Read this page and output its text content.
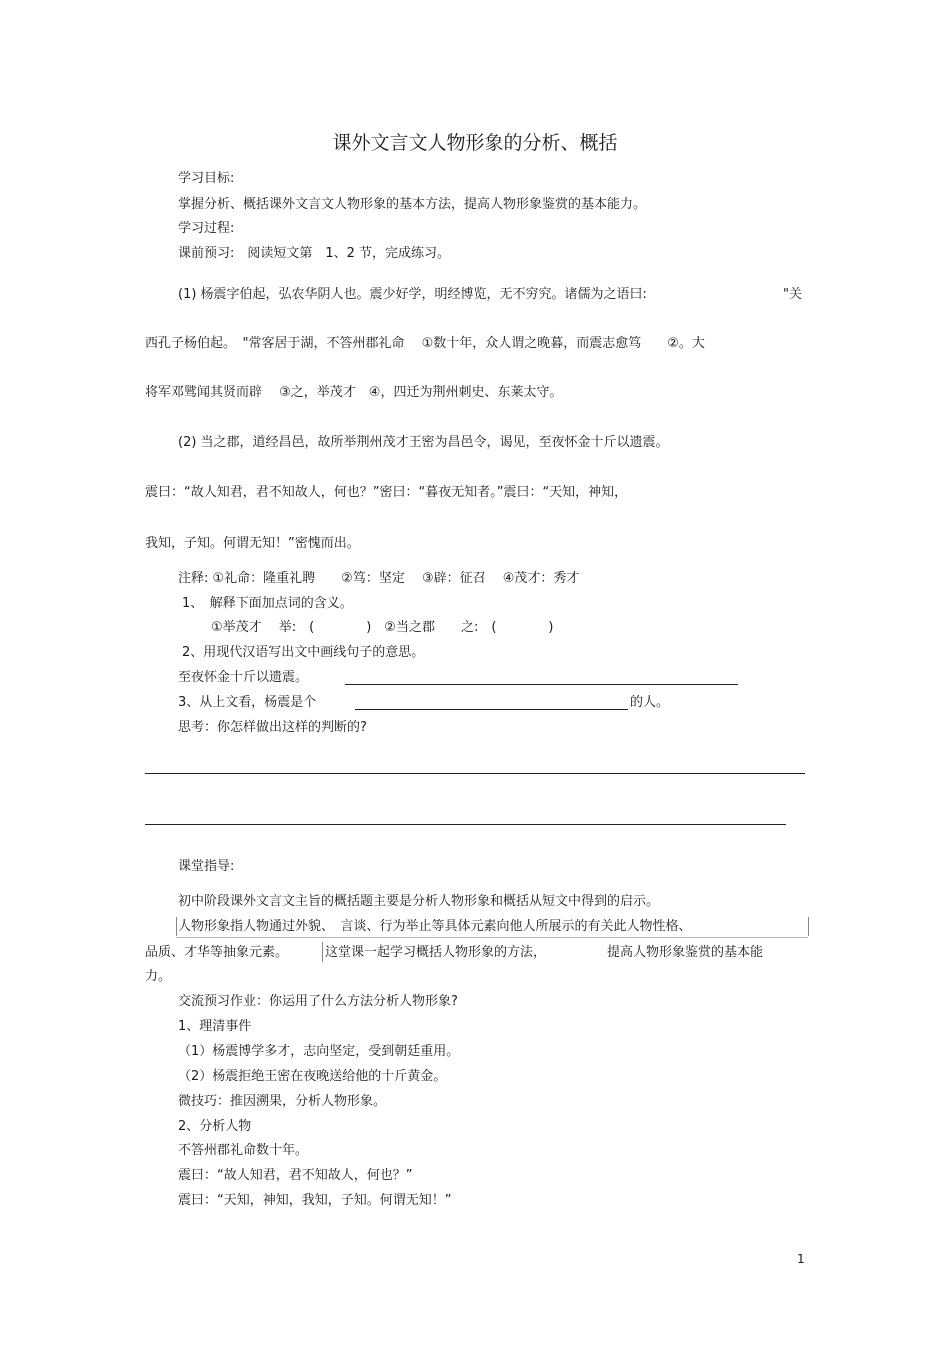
课外文言文人物形象的分析、概括
学习目标:
掌握分析、概括课外文言文人物形象的基本方法，提高人物形象鉴赏的基本能力。
学习过程:
课前预习:　阅读短文第　1、2 节，完成练习。
(1) 杨震字伯起，弘农华阴人也。震少好学，明经博览，无不穷究。诸儒为之语曰:	"关
西孔子杨伯起。　"常客居于湖，不答州郡礼命　 ①数十年，众人谓之晚暮，而震志愈笃　　②。大
将军邓骘闻其贤而辟　 ③之，举茂才　④，四迁为荆州刺史、东莱太守。
(2) 当之郡，道经昌邑，故所举荆州茂才王密为昌邑令，谒见，至夜怀金十斤以遗震。
震曰：“故人知君，君不知故人，何也？”密曰：“暮夜无知者。”震曰：“天知，神知，
我知，子知。何谓无知！”密愧而出。
注释: ①礼命：隆重礼聘　　②笃：坚定　 ③辟：征召　 ④茂才：秀才
1、　解释下面加点词的含义。
①举茂才　 举:　(　　　　)　②当之郡　　之:　(　　　　)
2、用现代汉语写出文中画线句子的意思。
至夜怀金十斤以遗震。
3、从上文看，杨震是个	的人。
思考：你怎样做出这样的判断的?
课堂指导:
初中阶段课外文言文主旨的概括题主要是分析人物形象和概括从短文中得到的启示。
人物形象指人物通过外貌、　言谈、行为举止等具体元素向他人所展示的有关此人物性格、
品质、才华等抽象元素。	这堂课一起学习概括人物形象的方法，	提高人物形象鉴赏的基本能
力。
交流预习作业：你运用了什么方法分析人物形象?
1、理清事件
（1）杨震博学多才，志向坚定，受到朝廷重用。
（2）杨震拒绝王密在夜晚送给他的十斤黄金。
微技巧：推因溯果，分析人物形象。
2、分析人物
不答州郡礼命数十年。
震曰：“故人知君，君不知故人，何也？”
震曰：“天知，神知，我知，子知。何谓无知！”
1
